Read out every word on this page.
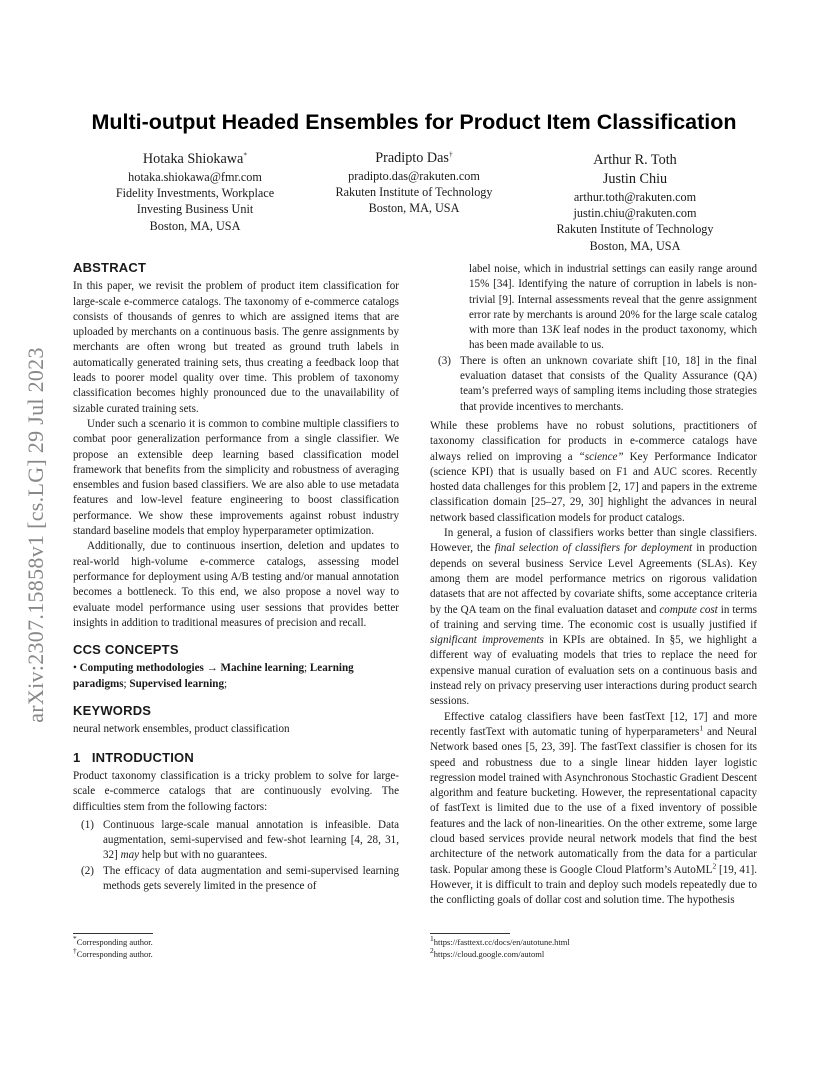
arXiv:2307.15858v1 [cs.LG] 29 Jul 2023
Multi-output Headed Ensembles for Product Item Classification
Hotaka Shiokawa*
hotaka.shiokawa@fmr.com
Fidelity Investments, Workplace
Investing Business Unit
Boston, MA, USA
Pradipto Das†
pradipto.das@rakuten.com
Rakuten Institute of Technology
Boston, MA, USA
Arthur R. Toth
Justin Chiu
arthur.toth@rakuten.com
justin.chiu@rakuten.com
Rakuten Institute of Technology
Boston, MA, USA

ABSTRACT

In this paper, we revisit the problem of product item classification for large-scale e-commerce catalogs. The taxonomy of e-commerce catalogs consists of thousands of genres to which are assigned items that are uploaded by merchants on a continuous basis. The genre assignments by merchants are often wrong but treated as ground truth labels in automatically generated training sets, thus creating a feedback loop that leads to poorer model quality over time. This problem of taxonomy classification becomes highly pronounced due to the unavailability of sizable curated training sets.

Under such a scenario it is common to combine multiple classifiers to combat poor generalization performance from a single classifier. We propose an extensible deep learning based classification model framework that benefits from the simplicity and robustness of averaging ensembles and fusion based classifiers. We are also able to use metadata features and low-level feature engineering to boost classification performance. We show these improvements against robust industry standard baseline models that employ hyperparameter optimization.

Additionally, due to continuous insertion, deletion and updates to real-world high-volume e-commerce catalogs, assessing model performance for deployment using A/B testing and/or manual annotation becomes a bottleneck. To this end, we also propose a novel way to evaluate model performance using user sessions that provides better insights in addition to traditional measures of precision and recall.

CCS CONCEPTS

• Computing methodologies → Machine learning; Learning paradigms; Supervised learning;

KEYWORDS

neural network ensembles, product classification

1 INTRODUCTION

Product taxonomy classification is a tricky problem to solve for large-scale e-commerce catalogs that are continuously evolving. The difficulties stem from the following factors:

(1) Continuous large-scale manual annotation is infeasible. Data augmentation, semi-supervised and few-shot learning [4, 28, 31, 32] may help but with no guarantees.
(2) The efficacy of data augmentation and semi-supervised learning methods gets severely limited in the presence of

label noise, which in industrial settings can easily range around 15% [34]. Identifying the nature of corruption in labels is non-trivial [9]. Internal assessments reveal that the genre assignment error rate by merchants is around 20% for the large scale catalog with more than 13K leaf nodes in the product taxonomy, which has been made available to us.

(3) There is often an unknown covariate shift [10, 18] in the final evaluation dataset that consists of the Quality Assurance (QA) team’s preferred ways of sampling items including those strategies that provide incentives to merchants.

While these problems have no robust solutions, practitioners of taxonomy classification for products in e-commerce catalogs have always relied on improving a “science” Key Performance Indicator (science KPI) that is usually based on F1 and AUC scores. Recently hosted data challenges for this problem [2, 17] and papers in the extreme classification domain [25–27, 29, 30] highlight the advances in neural network based classification models for product catalogs.

In general, a fusion of classifiers works better than single classifiers. However, the final selection of classifiers for deployment in production depends on several business Service Level Agreements (SLAs). Key among them are model performance metrics on rigorous validation datasets that are not affected by covariate shifts, some acceptance criteria by the QA team on the final evaluation dataset and compute cost in terms of training and serving time. The economic cost is usually justified if significant improvements in KPIs are obtained. In §5, we highlight a different way of evaluating models that tries to replace the need for expensive manual curation of evaluation sets on a continuous basis and instead rely on privacy preserving user interactions during product search sessions.

Effective catalog classifiers have been fastText [12, 17] and more recently fastText with automatic tuning of hyperparameters$^1$ and Neural Network based ones [5, 23, 39]. The fastText classifier is chosen for its speed and robustness due to a single linear hidden layer logistic regression model trained with Asynchronous Stochastic Gradient Descent algorithm and feature bucketing. However, the representational capacity of fastText is limited due to the use of a fixed inventory of possible features and the lack of non-linearities. On the other extreme, some large cloud based services provide neural network models that find the best architecture of the network automatically from the data for a particular task. Popular among these is Google Cloud Platform’s AutoML$^2$ [19, 41]. However, it is difficult to train and deploy such models repeatedly due to the conflicting goals of dollar cost and solution time. The hypothesis

*Corresponding author.
†Corresponding author.
$^1$https://fasttext.cc/docs/en/autotune.html
$^2$https://cloud.google.com/automl
